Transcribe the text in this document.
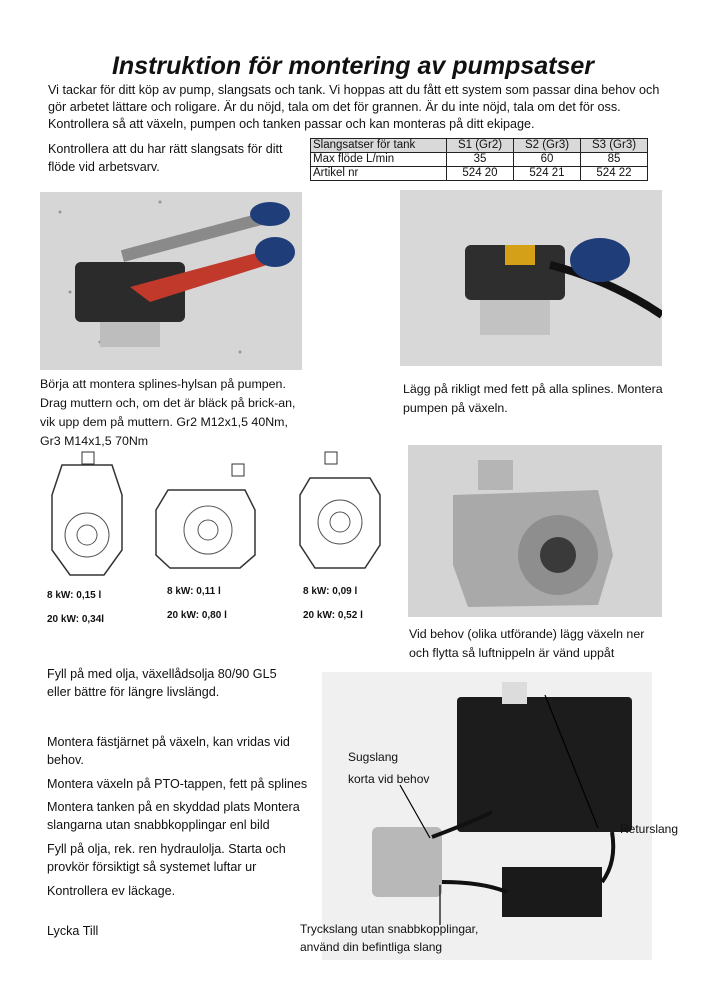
Instruktion för montering av pumpsatser
Vi tackar för ditt köp av pump, slangsats och tank. Vi hoppas att du fått ett system som passar dina behov och gör arbetet lättare och roligare. Är du nöjd, tala om det för grannen. Är du inte nöjd, tala om det för oss. Kontrollera så att växeln, pumpen och tanken passar och kan monteras på ditt ekipage.
Kontrollera att du har rätt slangsats för ditt flöde vid arbetsvarv.
Slangsatser för tank	S1 (Gr2)	S2 (Gr3)	S3 (Gr3)
Max flöde L/min	35	60	85
Artikel nr	524 20	524 21	524 22
Börja att montera splines-hylsan på pumpen. Drag muttern och, om det är bläck på brick-an, vik upp dem på muttern. Gr2 M12x1,5 40Nm, Gr3 M14x1,5 70Nm
Lägg på rikligt med fett på alla splines. Montera pumpen på växeln.
8 kW: 0,15 l
20 kW: 0,34l
8 kW: 0,11 l
20 kW: 0,80 l
8 kW: 0,09 l
20 kW: 0,52 l
Vid behov (olika utförande) lägg växeln ner och flytta så luftnippeln är vänd uppåt
Fyll på med olja, växellådsolja 80/90 GL5 eller bättre för längre livslängd.
Montera fästjärnet på växeln, kan vridas vid behov.
Montera växeln på PTO-tappen, fett på splines
Montera tanken på en skyddad plats Montera slangarna utan snabbkopplingar enl bild
Fyll på olja, rek. ren hydraulolja. Starta och provkör försiktigt så systemet luftar ur
Kontrollera ev läckage.
Lycka Till
Sugslang
korta vid behov
Returslang
Tryckslang utan snabbkopplingar,
använd din befintliga slang
